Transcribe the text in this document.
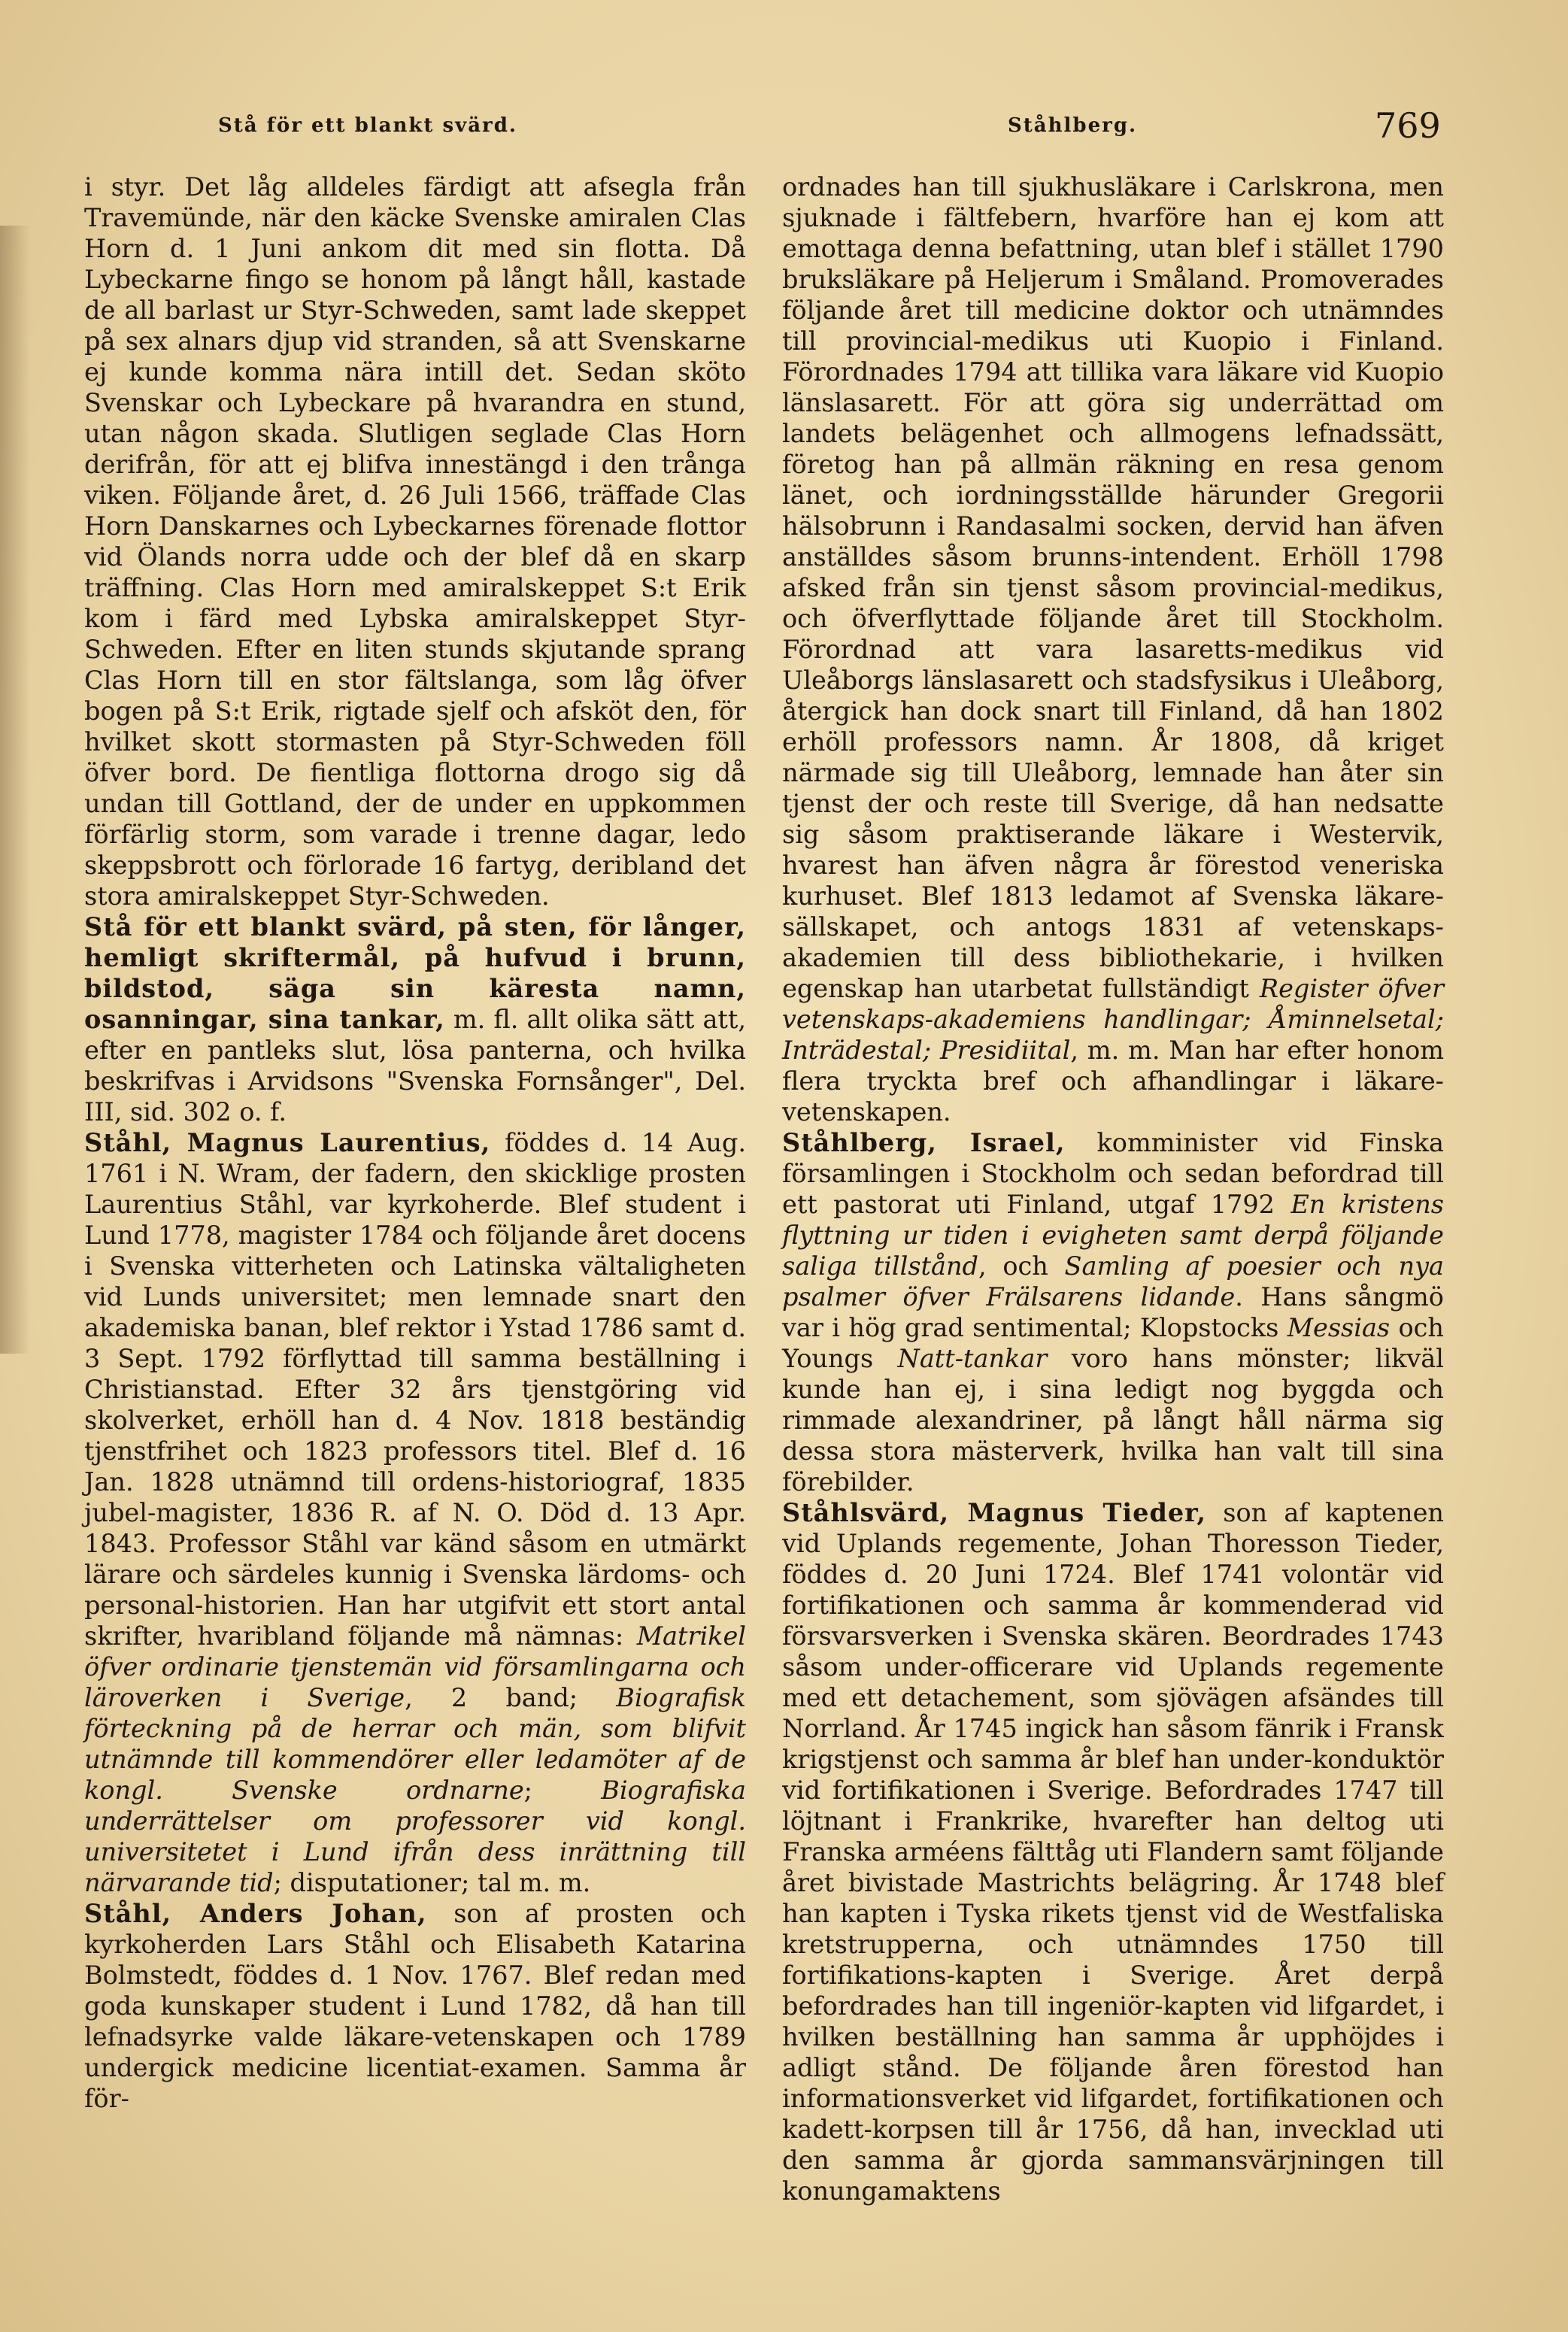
Stå för ett blankt svärd.	Ståhlberg.	769

i styr. Det låg alldeles färdigt att afsegla från Travemünde, när den käcke Svenske amiralen Clas Horn d. 1 Juni ankom dit med sin flotta. Då Lybeckarne fingo se honom på långt håll, kastade de all barlast ur Styr-Schweden, samt lade skeppet på sex alnars djup vid stranden, så att Svenskarne ej kunde komma nära intill det. Sedan sköto Svenskar och Lybeckare på hvarandra en stund, utan någon skada. Slutligen seglade Clas Horn derifrån, för att ej blifva innestängd i den trånga viken. Följande året, d. 26 Juli 1566, träffade Clas Horn Danskarnes och Lybeckarnes förenade flottor vid Ölands norra udde och der blef då en skarp träffning. Clas Horn med amiralskeppet S:t Erik kom i färd med Lybska amiralskeppet Styr-Schweden. Efter en liten stunds skjutande sprang Clas Horn till en stor fältslanga, som låg öfver bogen på S:t Erik, rigtade sjelf och afsköt den, för hvilket skott stormasten på Styr-Schweden föll öfver bord. De fientliga flottorna drogo sig då undan till Gottland, der de under en uppkommen förfärlig storm, som varade i trenne dagar, ledo skeppsbrott och förlorade 16 fartyg, deribland det stora amiralskeppet Styr-Schweden.

Stå för ett blankt svärd, på sten, för långer, hemligt skriftermål, på hufvud i brunn, bildstod, säga sin käresta namn, osanningar, sina tankar, m. fl. allt olika sätt att, efter en pantleks slut, lösa panterna, och hvilka beskrifvas i Arvidsons "Svenska Fornsånger", Del. III, sid. 302 o. f.

Ståhl, Magnus Laurentius, föddes d. 14 Aug. 1761 i N. Wram, der fadern, den skicklige prosten Laurentius Ståhl, var kyrkoherde. Blef student i Lund 1778, magister 1784 och följande året docens i Svenska vitterheten och Latinska vältaligheten vid Lunds universitet; men lemnade snart den akademiska banan, blef rektor i Ystad 1786 samt d. 3 Sept. 1792 förflyttad till samma beställning i Christianstad. Efter 32 års tjenstgöring vid skolverket, erhöll han d. 4 Nov. 1818 beständig tjenstfrihet och 1823 professors titel. Blef d. 16 Jan. 1828 utnämnd till ordens-historiograf, 1835 jubel-magister, 1836 R. af N. O. Död d. 13 Apr. 1843. Professor Ståhl var känd såsom en utmärkt lärare och särdeles kunnig i Svenska lärdoms- och personal-historien. Han har utgifvit ett stort antal skrifter, hvaribland följande må nämnas: Matrikel öfver ordinarie tjenstemän vid församlingarna och läroverken i Sverige, 2 band; Biografisk förteckning på de herrar och män, som blifvit utnämnde till kommendörer eller ledamöter af de kongl. Svenske ordnarne; Biografiska underrättelser om professorer vid kongl. universitetet i Lund ifrån dess inrättning till närvarande tid; disputationer; tal m. m.

Ståhl, Anders Johan, son af prosten och kyrkoherden Lars Ståhl och Elisabeth Katarina Bolmstedt, föddes d. 1 Nov. 1767. Blef redan med goda kunskaper student i Lund 1782, då han till lefnadsyrke valde läkare-vetenskapen och 1789 undergick medicine licentiat-examen. Samma år för-

ordnades han till sjukhusläkare i Carlskrona, men sjuknade i fältfebern, hvarföre han ej kom att emottaga denna befattning, utan blef i stället 1790 bruksläkare på Heljerum i Småland. Promoverades följande året till medicine doktor och utnämndes till provincial-medikus uti Kuopio i Finland. Förordnades 1794 att tillika vara läkare vid Kuopio länslasarett. För att göra sig underrättad om landets belägenhet och allmogens lefnadssätt, företog han på allmän räkning en resa genom länet, och iordningsställde härunder Gregorii hälsobrunn i Randasalmi socken, dervid han äfven anställdes såsom brunns-intendent. Erhöll 1798 afsked från sin tjenst såsom provincial-medikus, och öfverflyttade följande året till Stockholm. Förordnad att vara lasaretts-medikus vid Uleåborgs länslasarett och stadsfysikus i Uleåborg, återgick han dock snart till Finland, då han 1802 erhöll professors namn. År 1808, då kriget närmade sig till Uleåborg, lemnade han åter sin tjenst der och reste till Sverige, då han nedsatte sig såsom praktiserande läkare i Westervik, hvarest han äfven några år förestod veneriska kurhuset. Blef 1813 ledamot af Svenska läkare-sällskapet, och antogs 1831 af vetenskaps-akademien till dess bibliothekarie, i hvilken egenskap han utarbetat fullständigt Register öfver vetenskaps-akademiens handlingar; Åminnelsetal; Inträdestal; Presidiital, m. m. Man har efter honom flera tryckta bref och afhandlingar i läkare-vetenskapen.

Ståhlberg, Israel, komminister vid Finska församlingen i Stockholm och sedan befordrad till ett pastorat uti Finland, utgaf 1792 En kristens flyttning ur tiden i evigheten samt derpå följande saliga tillstånd, och Samling af poesier och nya psalmer öfver Frälsarens lidande. Hans sångmö var i hög grad sentimental; Klopstocks Messias och Youngs Natt-tankar voro hans mönster; likväl kunde han ej, i sina ledigt nog byggda och rimmade alexandriner, på långt håll närma sig dessa stora mästerverk, hvilka han valt till sina förebilder.

Ståhlsvärd, Magnus Tieder, son af kaptenen vid Uplands regemente, Johan Thoresson Tieder, föddes d. 20 Juni 1724. Blef 1741 volontär vid fortifikationen och samma år kommenderad vid försvarsverken i Svenska skären. Beordrades 1743 såsom under-officerare vid Uplands regemente med ett detachement, som sjövägen afsändes till Norrland. År 1745 ingick han såsom fänrik i Fransk krigstjenst och samma år blef han under-konduktör vid fortifikationen i Sverige. Befordrades 1747 till löjtnant i Frankrike, hvarefter han deltog uti Franska arméens fälttåg uti Flandern samt följande året bivistade Mastrichts belägring. År 1748 blef han kapten i Tyska rikets tjenst vid de Westfaliska kretstrupperna, och utnämndes 1750 till fortifikations-kapten i Sverige. Året derpå befordrades han till ingeniör-kapten vid lifgardet, i hvilken beställning han samma år upphöjdes i adligt stånd. De följande åren förestod han informationsverket vid lifgardet, fortifikationen och kadett-korpsen till år 1756, då han, invecklad uti den samma år gjorda sammansvärjningen till konungamaktens
